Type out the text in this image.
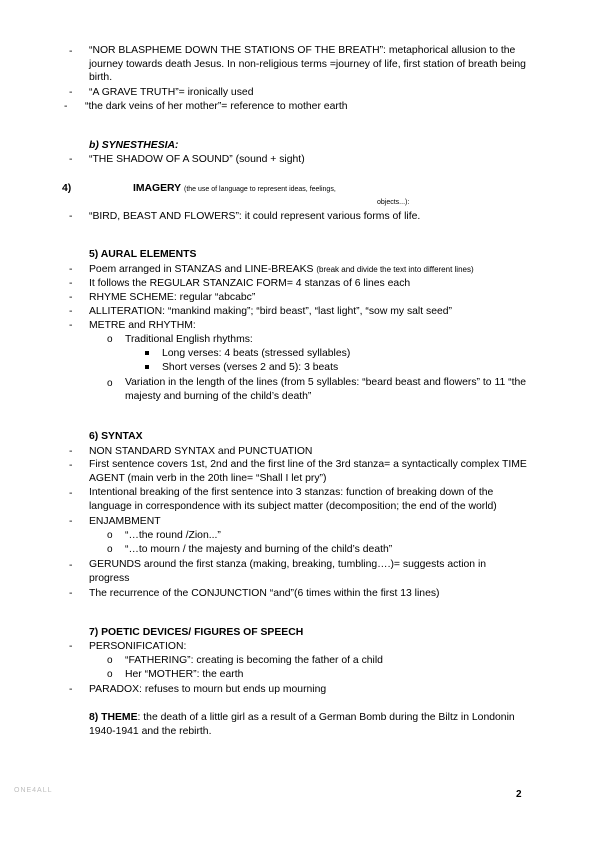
- “NOR BLASPHEME DOWN THE STATIONS OF THE BREATH”: metaphorical allusion to the journey towards death Jesus. In non-religious terms =journey of life, first station of breath being birth.
- “A GRAVE TRUTH”= ironically used
- “the dark veins of her mother”= reference to mother earth
b) SYNESTHESIA:
- “THE SHADOW OF A SOUND” (sound + sight)
4)	IMAGERY (the use of language to represent ideas, feelings,
objects...):
- “BIRD, BEAST AND FLOWERS”: it could represent various forms of life.
5) AURAL ELEMENTS
- Poem arranged in STANZAS and LINE-BREAKS (break and divide the text into different lines)
- It follows the REGULAR STANZAIC FORM= 4 stanzas of 6 lines each
- RHYME SCHEME: regular “abcabc”
- ALLITERATION: “mankind making”; “bird beast”, “last light”, “sow my salt seed”
- METRE and RHYTHM:
o Traditional English rhythms:
Long verses: 4 beats (stressed syllables)
Short verses (verses 2 and 5): 3 beats
o Variation in the length of the lines (from 5 syllables: “beard beast and flowers” to 11 “the majesty and burning of the child’s death”
6) SYNTAX
- NON STANDARD SYNTAX and PUNCTUATION
- First sentence covers 1st, 2nd and the first line of the 3rd stanza= a syntactically complex TIME AGENT (main verb in the 20th line= “Shall I let pry”)
- Intentional breaking of the first sentence into 3 stanzas: function of breaking down of the language in correspondence with its subject matter (decomposition; the end of the world)
- ENJAMBMENT
o “…the round /Zion...”
o “…to mourn / the majesty and burning of the child’s death”
- GERUNDS around the first stanza (making, breaking, tumbling….)= suggests action in progress
- The recurrence of the CONJUNCTION “and”(6 times within the first 13 lines)
7) POETIC DEVICES/ FIGURES OF SPEECH
- PERSONIFICATION:
o “FATHERING”: creating is becoming the father of a child
o Her “MOTHER”: the earth
- PARADOX: refuses to mourn but ends up mourning
8) THEME: the death of a little girl as a result of a German Bomb during the Biltz in Londonin 1940-1941 and the rebirth.
ONE4ALL	2
